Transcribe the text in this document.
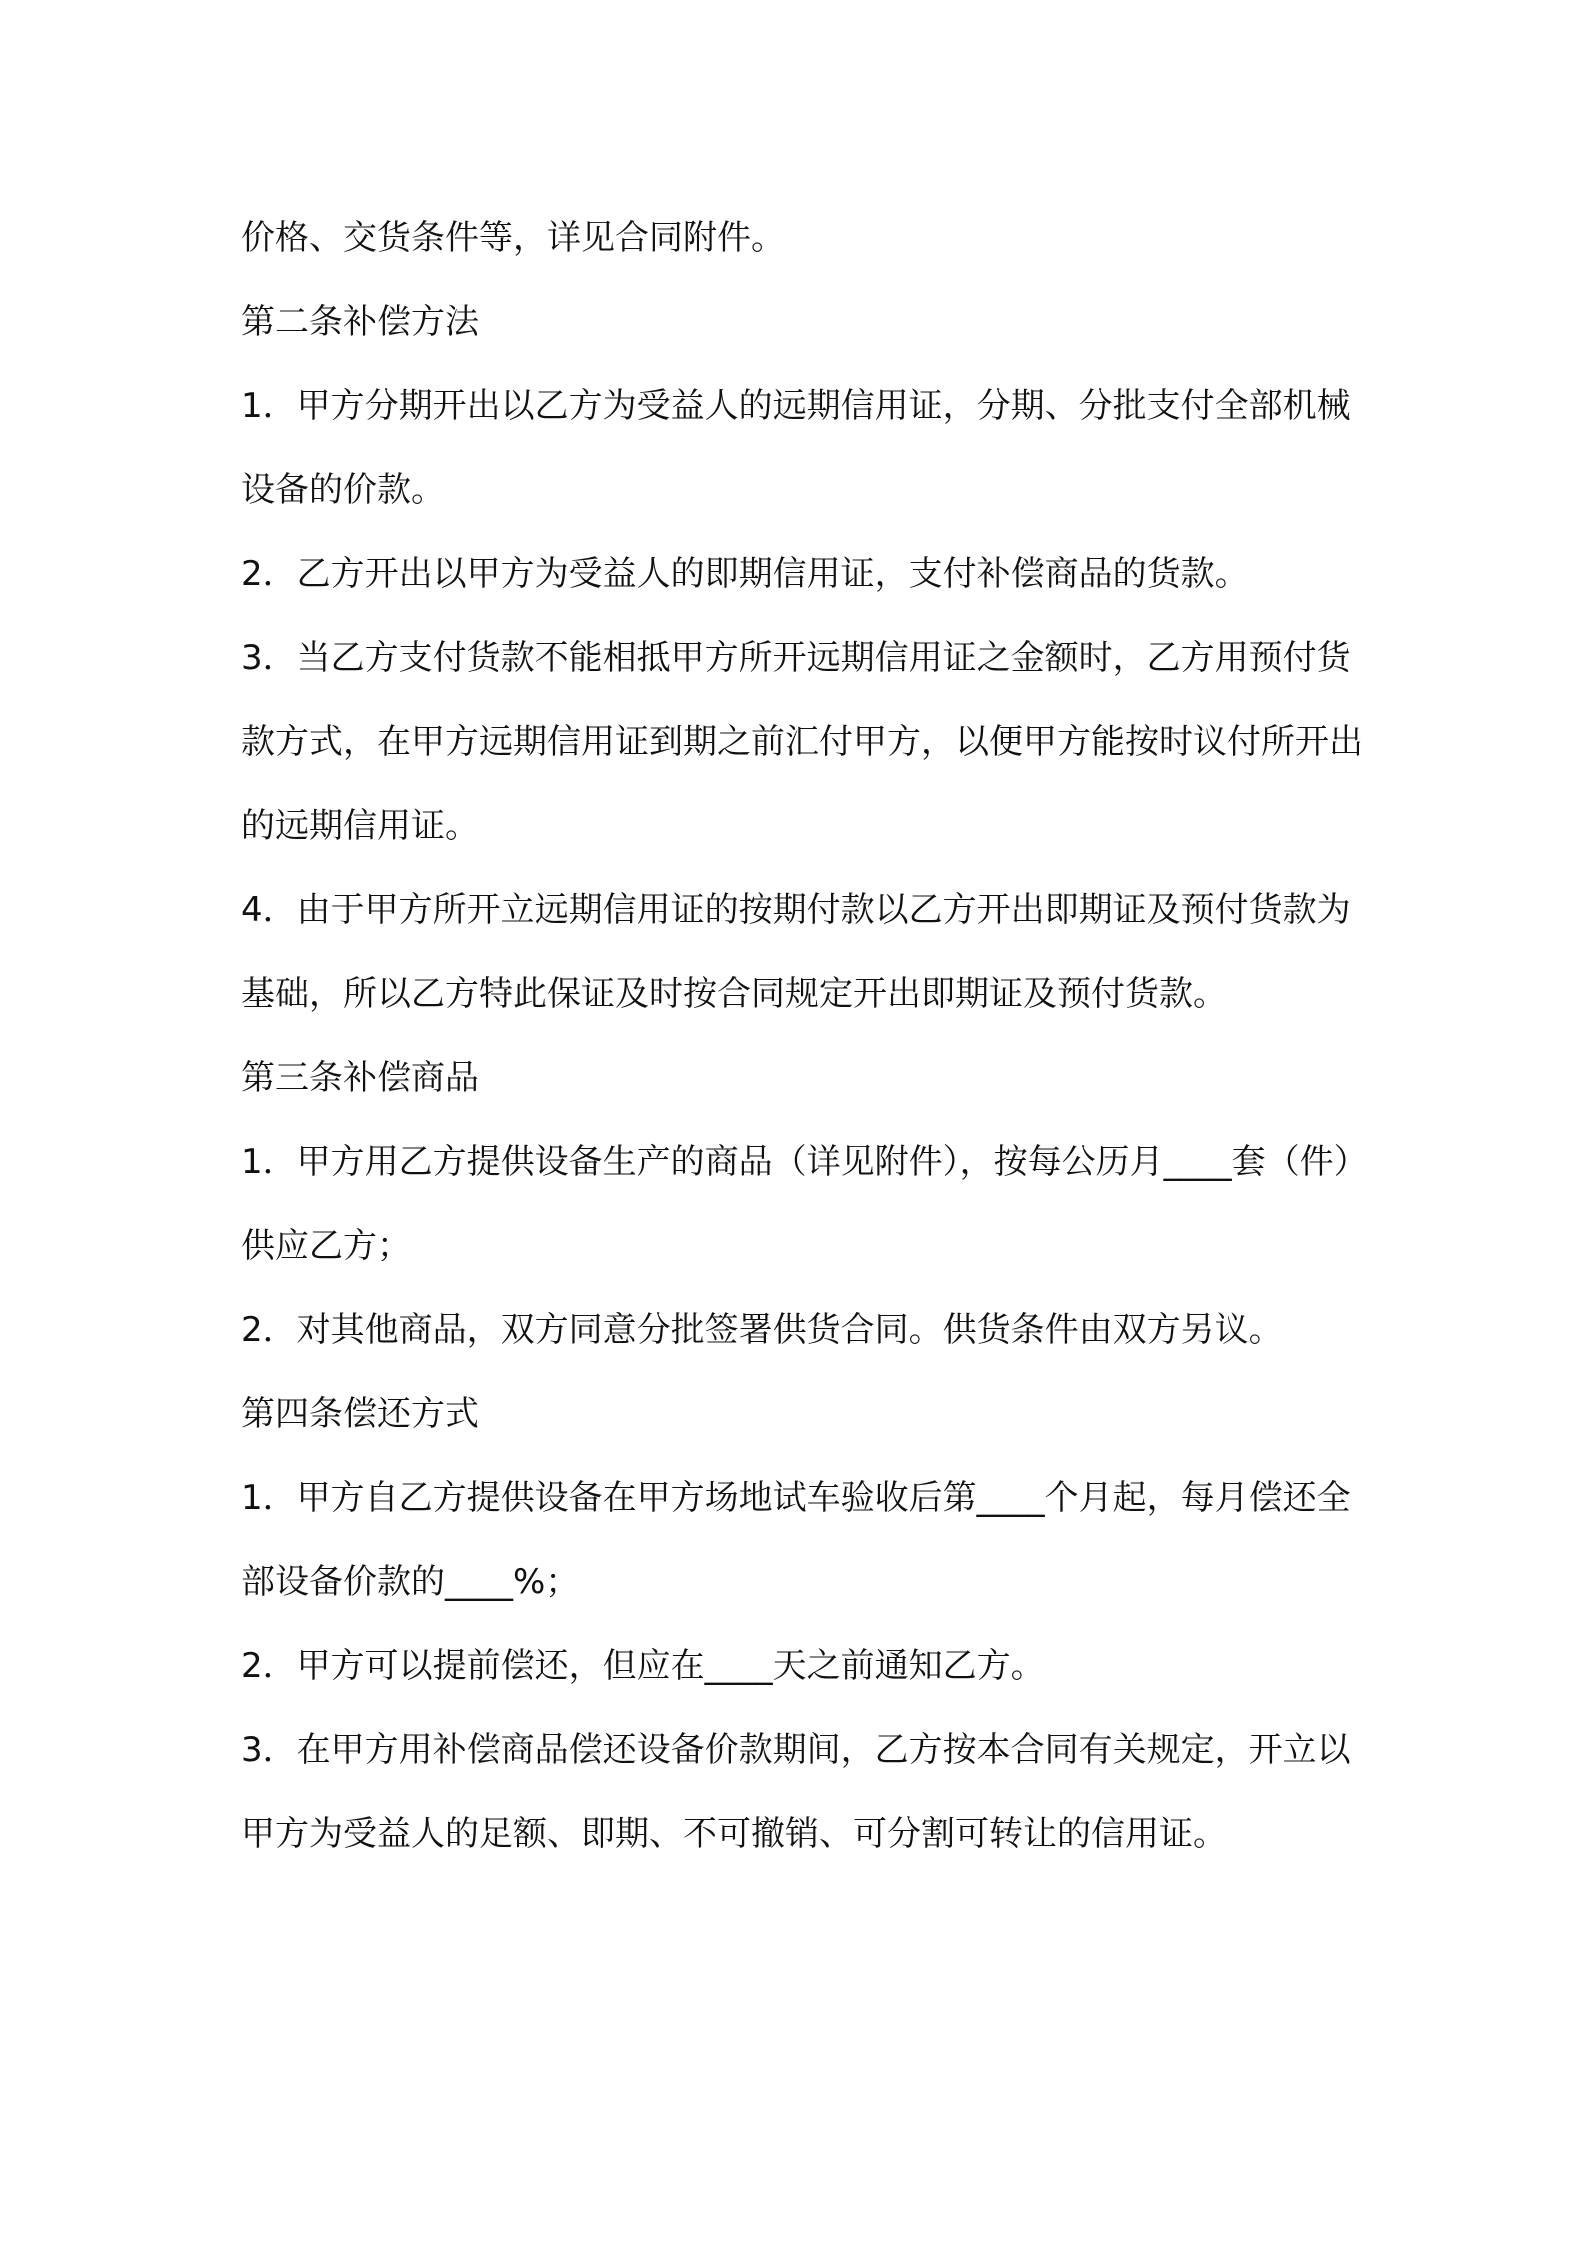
价格、交货条件等，详见合同附件。

第二条补偿方法

1．甲方分期开出以乙方为受益人的远期信用证，分期、分批支付全部机械设备的价款。

2．乙方开出以甲方为受益人的即期信用证，支付补偿商品的货款。

3．当乙方支付货款不能相抵甲方所开远期信用证之金额时，乙方用预付货款方式，在甲方远期信用证到期之前汇付甲方，以便甲方能按时议付所开出的远期信用证。

4．由于甲方所开立远期信用证的按期付款以乙方开出即期证及预付货款为基础，所以乙方特此保证及时按合同规定开出即期证及预付货款。

第三条补偿商品

1．甲方用乙方提供设备生产的商品（详见附件），按每公历月____套（件）供应乙方；

2．对其他商品，双方同意分批签署供货合同。供货条件由双方另议。

第四条偿还方式

1．甲方自乙方提供设备在甲方场地试车验收后第____个月起，每月偿还全部设备价款的____%；

2．甲方可以提前偿还，但应在____天之前通知乙方。

3．在甲方用补偿商品偿还设备价款期间，乙方按本合同有关规定，开立以甲方为受益人的足额、即期、不可撤销、可分割可转让的信用证。
